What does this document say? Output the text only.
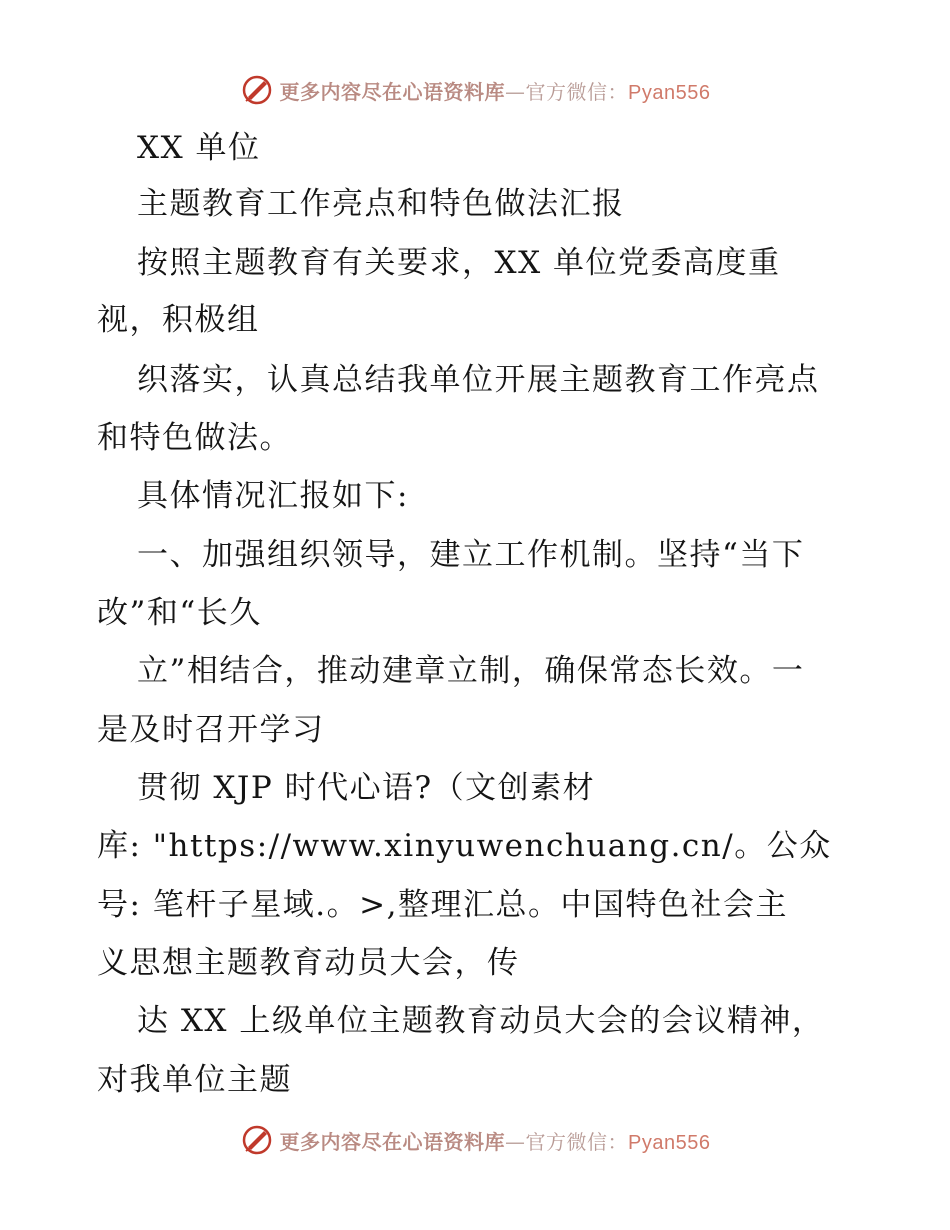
更多内容尽在心语资料库—官方微信：Pyan556
XX 单位
主题教育工作亮点和特色做法汇报
按照主题教育有关要求，XX 单位党委高度重
视，积极组
织落实，认真总结我单位开展主题教育工作亮点
和特色做法。
具体情况汇报如下:
一、加强组织领导，建立工作机制。坚持“当下
改”和“长久
立”相结合，推动建章立制，确保常态长效。一
是及时召开学习
贯彻 XJP 时代心语?（文创素材
库: "https://www.xinyuwenchuang.cn/。公众
号: 笔杆子星域.。>,整理汇总。中国特色社会主
义思想主题教育动员大会，传
达 XX 上级单位主题教育动员大会的会议精神，
对我单位主题
更多内容尽在心语资料库—官方微信：Pyan556
